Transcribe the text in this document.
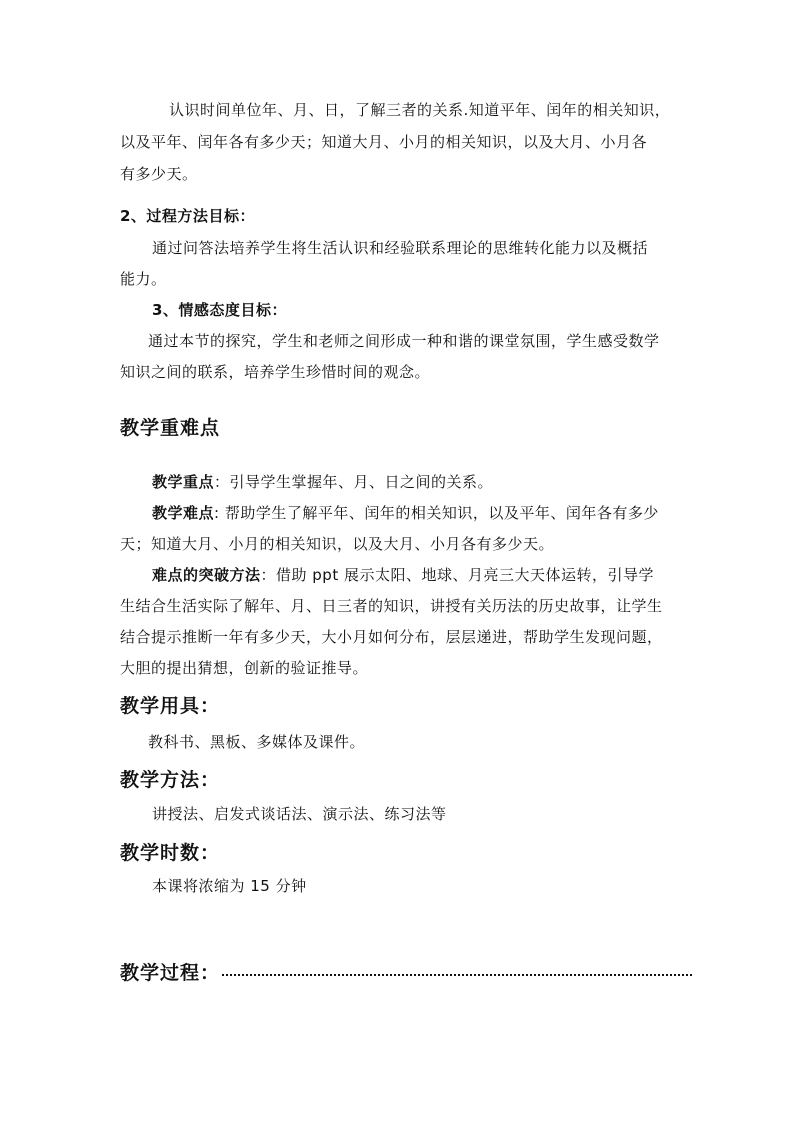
认识时间单位年、月、日，了解三者的关系.知道平年、闰年的相关知识，
以及平年、闰年各有多少天；知道大月、小月的相关知识，以及大月、小月各
有多少天。
2、过程方法目标：
通过问答法培养学生将生活认识和经验联系理论的思维转化能力以及概括
能力。
3、情感态度目标：
通过本节的探究，学生和老师之间形成一种和谐的课堂氛围，学生感受数学
知识之间的联系，培养学生珍惜时间的观念。
教学重难点
教学重点：引导学生掌握年、月、日之间的关系。
教学难点: 帮助学生了解平年、闰年的相关知识，以及平年、闰年各有多少
天；知道大月、小月的相关知识，以及大月、小月各有多少天。
难点的突破方法：借助 ppt 展示太阳、地球、月亮三大天体运转，引导学
生结合生活实际了解年、月、日三者的知识，讲授有关历法的历史故事，让学生
结合提示推断一年有多少天，大小月如何分布，层层递进，帮助学生发现问题，
大胆的提出猜想，创新的验证推导。
教学用具：
教科书、黑板、多媒体及课件。
教学方法：
讲授法、启发式谈话法、演示法、练习法等
教学时数：
本课将浓缩为 15 分钟
教学过程：
